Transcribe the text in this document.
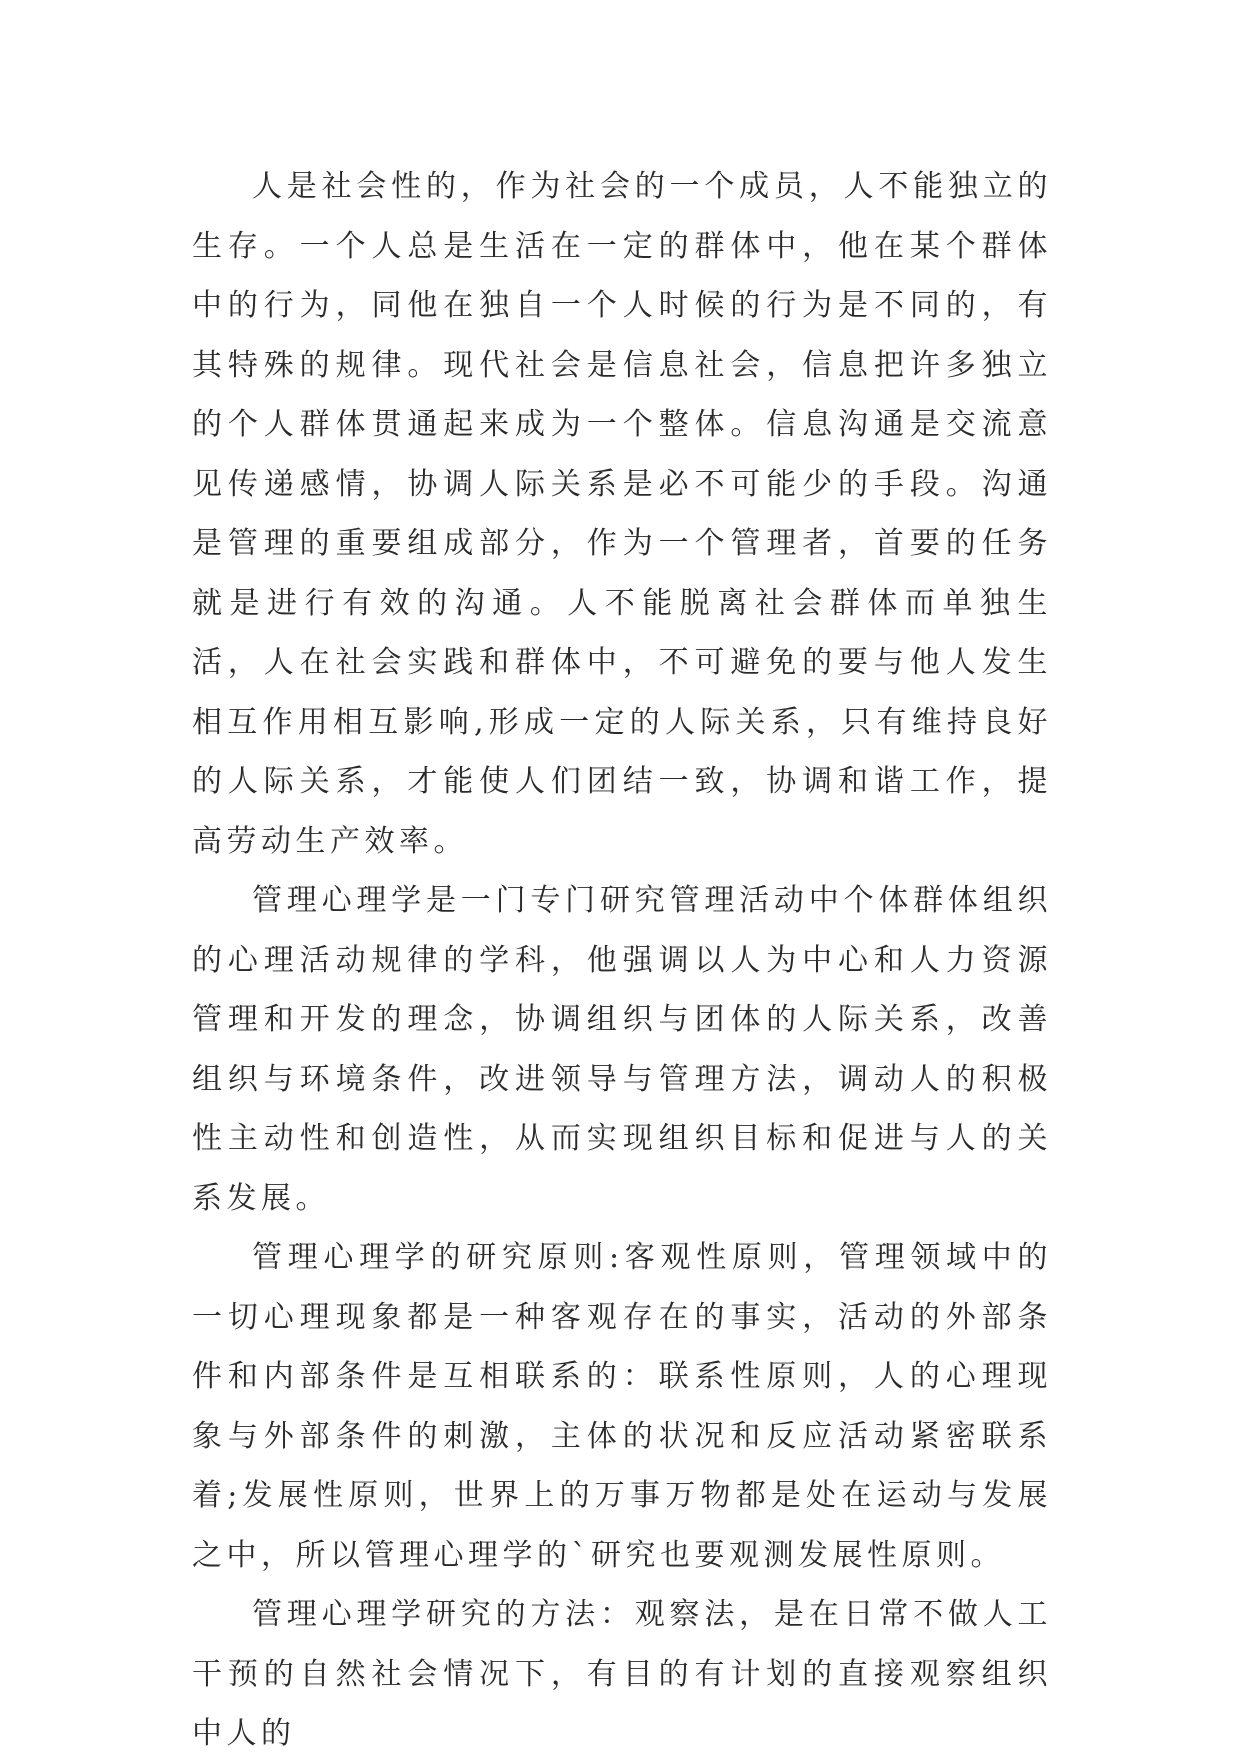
人是社会性的，作为社会的一个成员，人不能独立的生存。一个人总是生活在一定的群体中，他在某个群体中的行为，同他在独自一个人时候的行为是不同的，有其特殊的规律。现代社会是信息社会，信息把许多独立的个人群体贯通起来成为一个整体。信息沟通是交流意见传递感情，协调人际关系是必不可能少的手段。沟通是管理的重要组成部分，作为一个管理者，首要的任务就是进行有效的沟通。人不能脱离社会群体而单独生活，人在社会实践和群体中，不可避免的要与他人发生相互作用相互影响,形成一定的人际关系，只有维持良好的人际关系，才能使人们团结一致，协调和谐工作，提高劳动生产效率。

管理心理学是一门专门研究管理活动中个体群体组织的心理活动规律的学科，他强调以人为中心和人力资源管理和开发的理念，协调组织与团体的人际关系，改善组织与环境条件，改进领导与管理方法，调动人的积极性主动性和创造性，从而实现组织目标和促进与人的关系发展。

管理心理学的研究原则:客观性原则，管理领域中的一切心理现象都是一种客观存在的事实，活动的外部条件和内部条件是互相联系的：联系性原则，人的心理现象与外部条件的刺激，主体的状况和反应活动紧密联系着;发展性原则，世界上的万事万物都是处在运动与发展之中，所以管理心理学的`研究也要观测发展性原则。

管理心理学研究的方法：观察法，是在日常不做人工干预的自然社会情况下，有目的有计划的直接观察组织中人的
